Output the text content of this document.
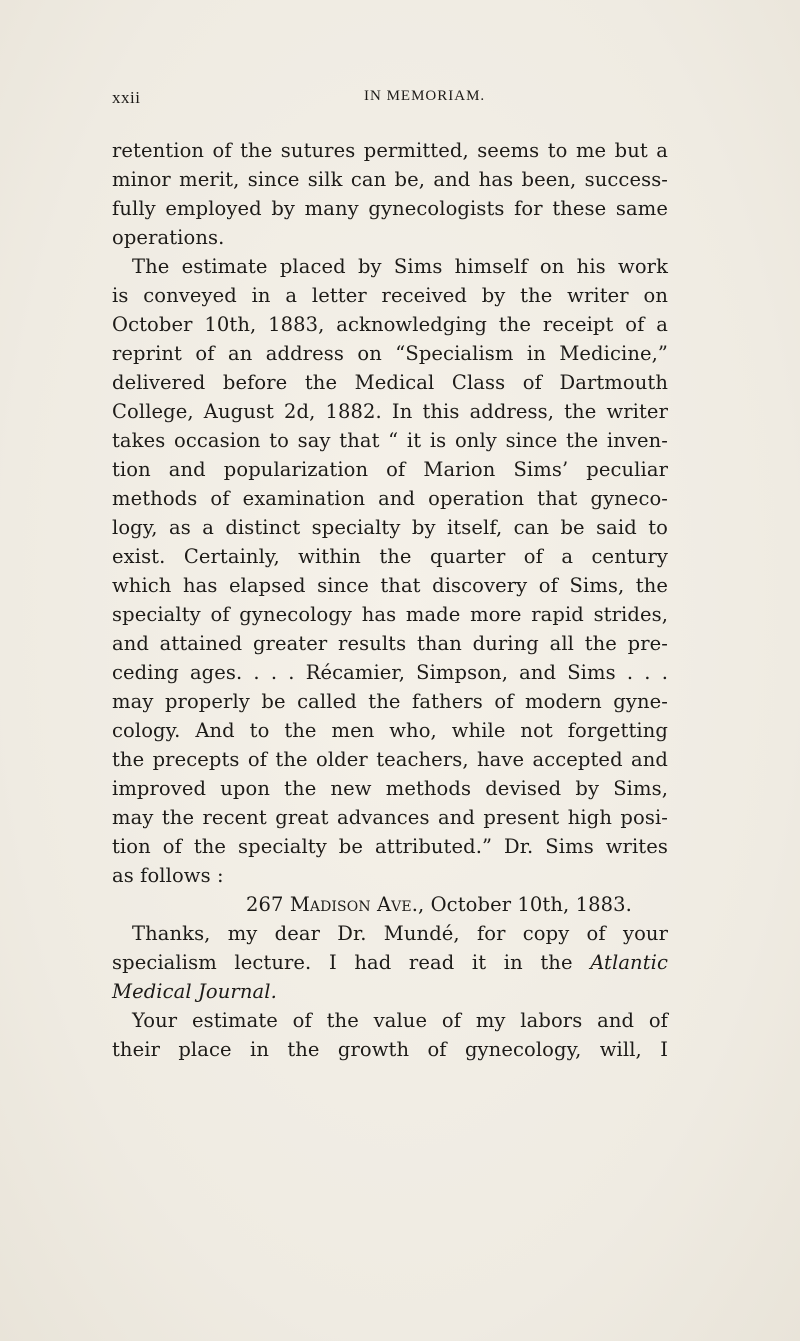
xxii	IN MEMORIAM.
retention of the sutures permitted, seems to me but a
minor merit, since silk can be, and has been, success-
fully employed by many gynecologists for these same
operations.
The estimate placed by Sims himself on his work
is conveyed in a letter received by the writer on
October 10th, 1883, acknowledging the receipt of a
reprint of an address on “Specialism in Medicine,”
delivered before the Medical Class of Dartmouth
College, August 2d, 1882. In this address, the writer
takes occasion to say that “ it is only since the inven-
tion and popularization of Marion Sims’ peculiar
methods of examination and operation that gyneco-
logy, as a distinct specialty by itself, can be said to
exist. Certainly, within the quarter of a century
which has elapsed since that discovery of Sims, the
specialty of gynecology has made more rapid strides,
and attained greater results than during all the pre-
ceding ages. . . . Récamier, Simpson, and Sims . . .
may properly be called the fathers of modern gyne-
cology. And to the men who, while not forgetting
the precepts of the older teachers, have accepted and
improved upon the new methods devised by Sims,
may the recent great advances and present high posi-
tion of the specialty be attributed.” Dr. Sims writes
as follows :
267 Madison Ave., October 10th, 1883.
Thanks, my dear Dr. Mundé, for copy of your
specialism lecture. I had read it in the Atlantic
Medical Journal.
Your estimate of the value of my labors and of
their place in the growth of gynecology, will, I
